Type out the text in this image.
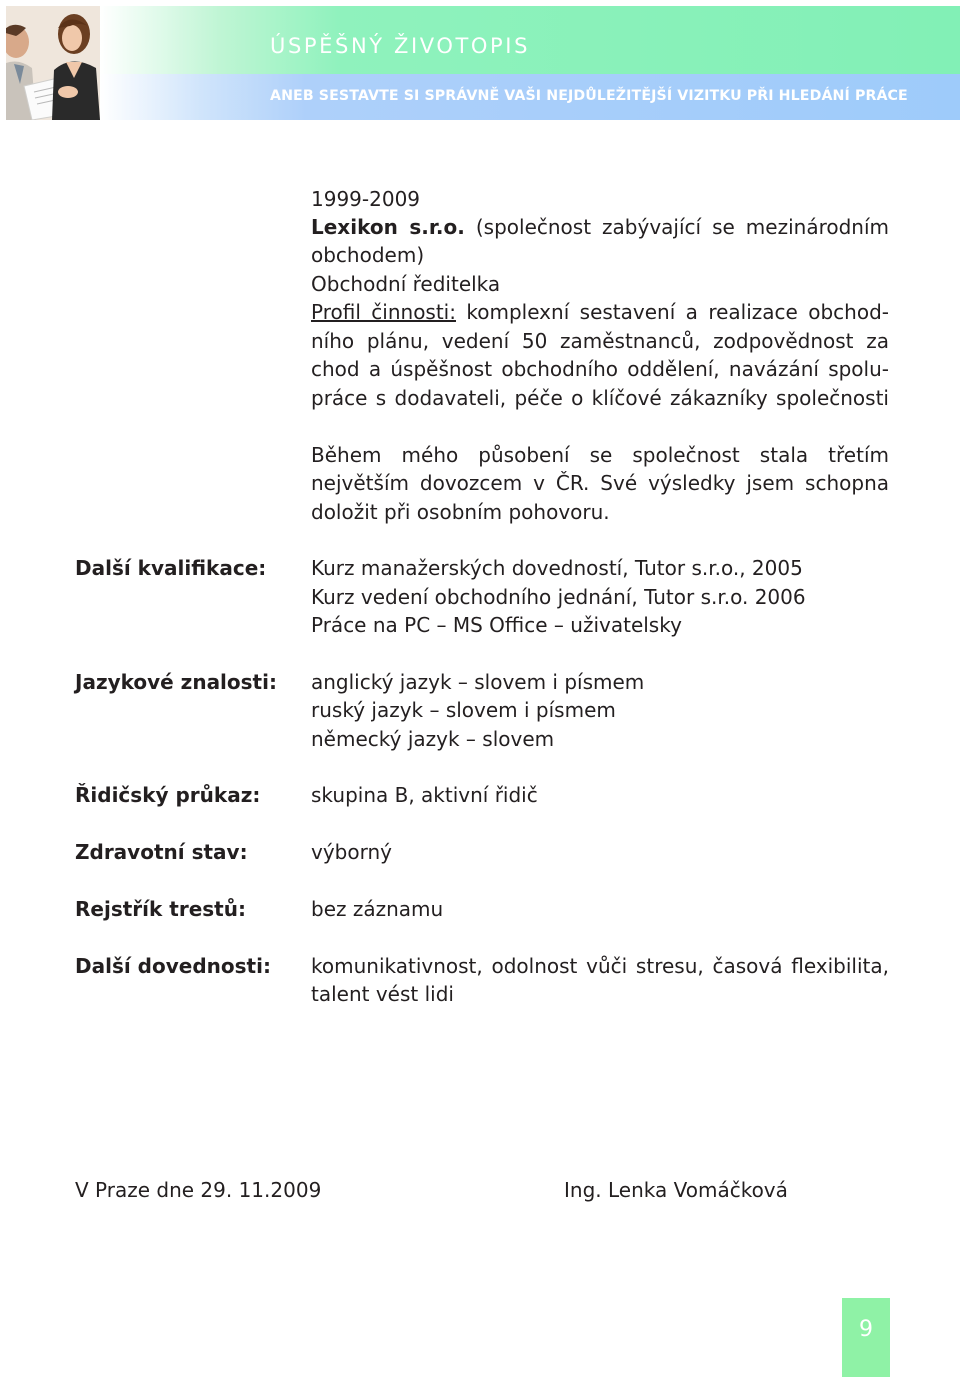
ÚSPĚŠNÝ ŽIVOTOPIS
ANEB SESTAVTE SI SPRÁVNĚ VAŠI NEJDŮLEŽITĚJŠÍ VIZITKU PŘI HLEDÁNÍ PRÁCE
1999-2009
Lexikon s.r.o. (společnost zabývající se mezinárodním
obchodem)
Obchodní ředitelka
Profil činnosti: komplexní sestavení a realizace obchod-
ního plánu, vedení 50 zaměstnanců, zodpovědnost za
chod a úspěšnost obchodního oddělení, navázání spolu-
práce s dodavateli, péče o klíčové zákazníky společnosti
Během mého působení se společnost stala třetím
největším dovozcem v ČR. Své výsledky jsem schopna
doložit při osobním pohovoru.
Další kvalifikace: Kurz manažerských dovedností, Tutor s.r.o., 2005
Kurz vedení obchodního jednání, Tutor s.r.o. 2006
Práce na PC – MS Office – uživatelsky
Jazykové znalosti: anglický jazyk – slovem i písmem
ruský jazyk – slovem i písmem
německý jazyk – slovem
Řidičský průkaz:	skupina B, aktivní řidič
Zdravotní stav:	výborný
Rejstřík trestů:	bez záznamu
Další dovednosti: komunikativnost, odolnost vůči stresu, časová flexibilita,
talent vést lidi
V Praze dne 29. 11.2009	Ing. Lenka Vomáčková
9
